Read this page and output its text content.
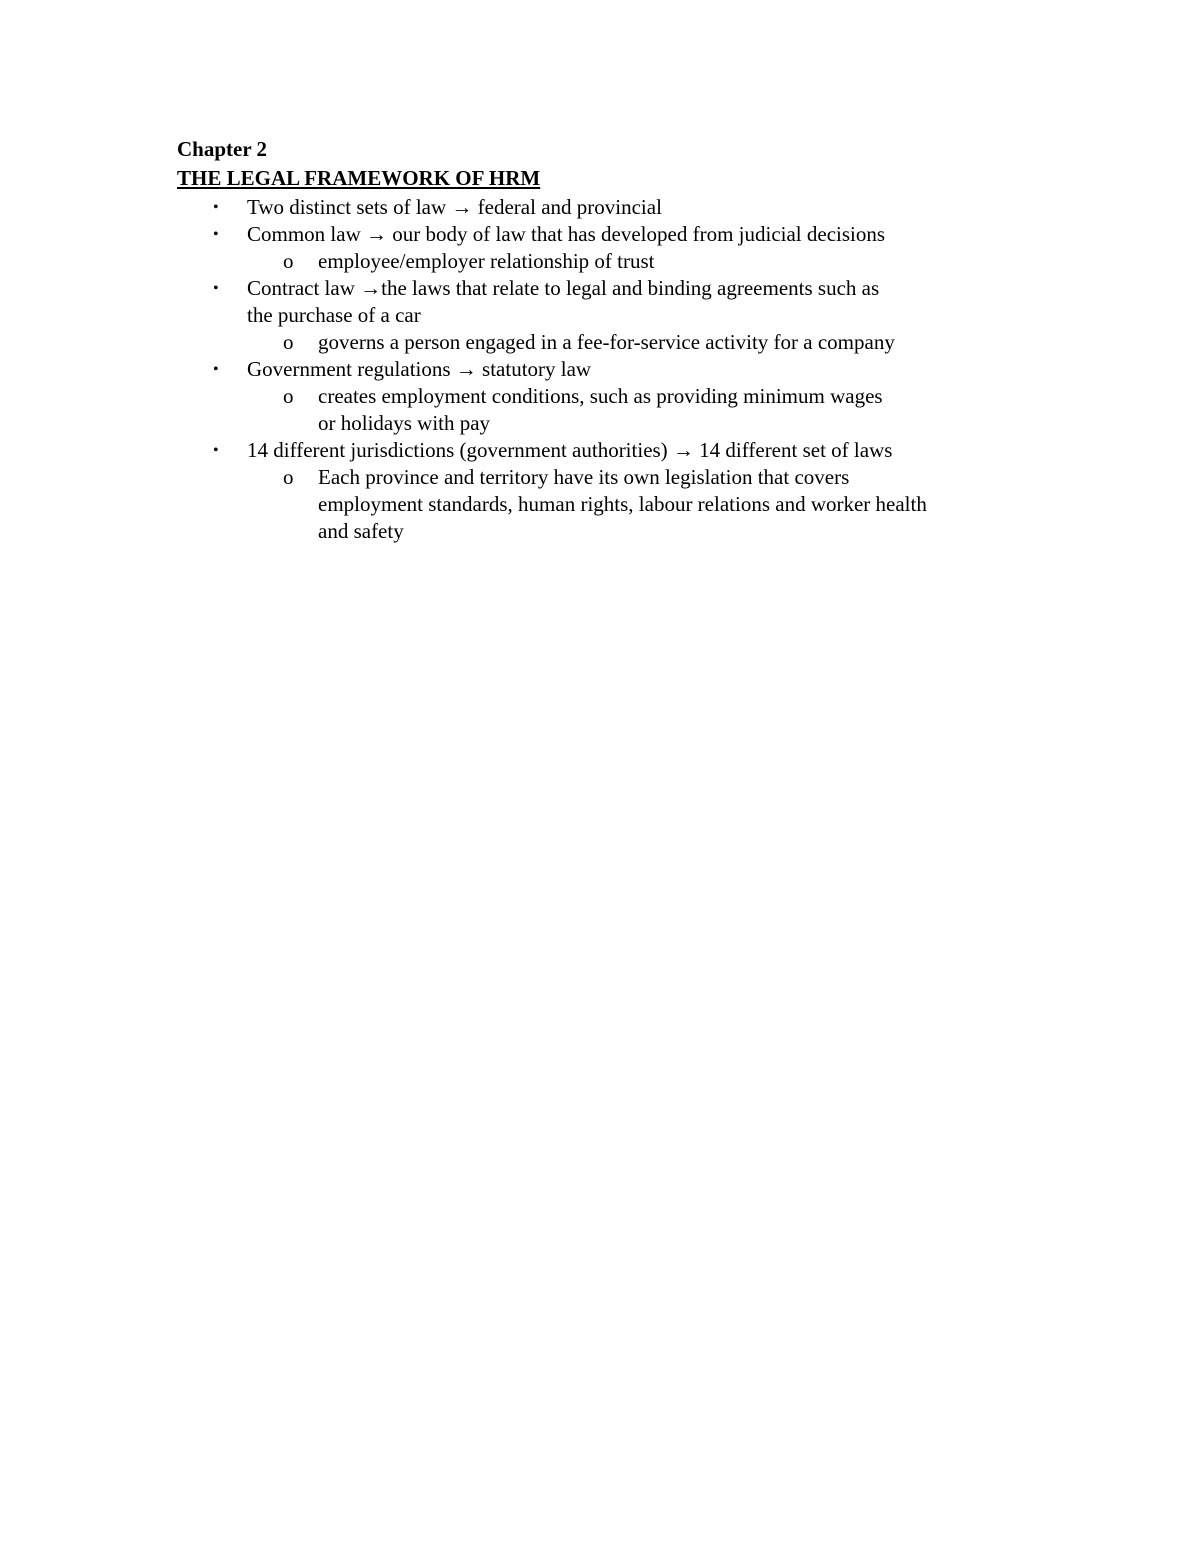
Chapter 2

THE LEGAL FRAMEWORK OF HRM

• Two distinct sets of law → federal and provincial
• Common law → our body of law that has developed from judicial decisions
o employee/employer relationship of trust
• Contract law →the laws that relate to legal and binding agreements such as the purchase of a car
o governs a person engaged in a fee-for-service activity for a company
• Government regulations → statutory law
o creates employment conditions, such as providing minimum wages or holidays with pay
• 14 different jurisdictions (government authorities) → 14 different set of laws
o Each province and territory have its own legislation that covers employment standards, human rights, labour relations and worker health and safety
